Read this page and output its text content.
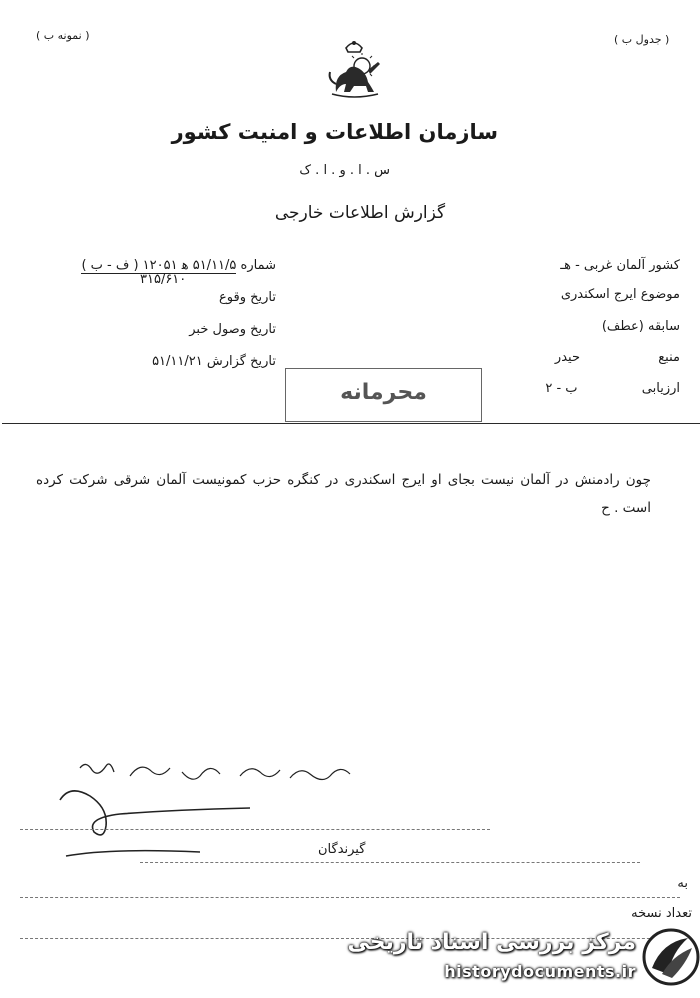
( نمونه ب )	( جدول ب )
سازمان اطلاعات و امنیت کشور
س . ا . و . ا . ک
گزارش اطلاعات خارجی
کشور آلمان غربی - هـ
موضوع ایرج اسکندری
سابقه (عطف)
منبع  حیدر
ارزیابی  ب - ۲
شماره ۵۱/۱۱/۵ ه‍ ۱۲۰۵۱ ( ف - ب )
۳۱۵/۶۱۰
تاریخ وقوع
تاریخ وصول خبر
تاریخ گزارش ۵۱/۱۱/۲۱
محرمانه
چون رادمنش در آلمان نیست بجای او ایرج اسکندری در کنگره حزب کمونیست آلمان شرقی شرکت کرده است . ح
گیرندگان
به
تعداد نسخه
مرکز بررسی اسناد تاریخی
historydocuments.ir
